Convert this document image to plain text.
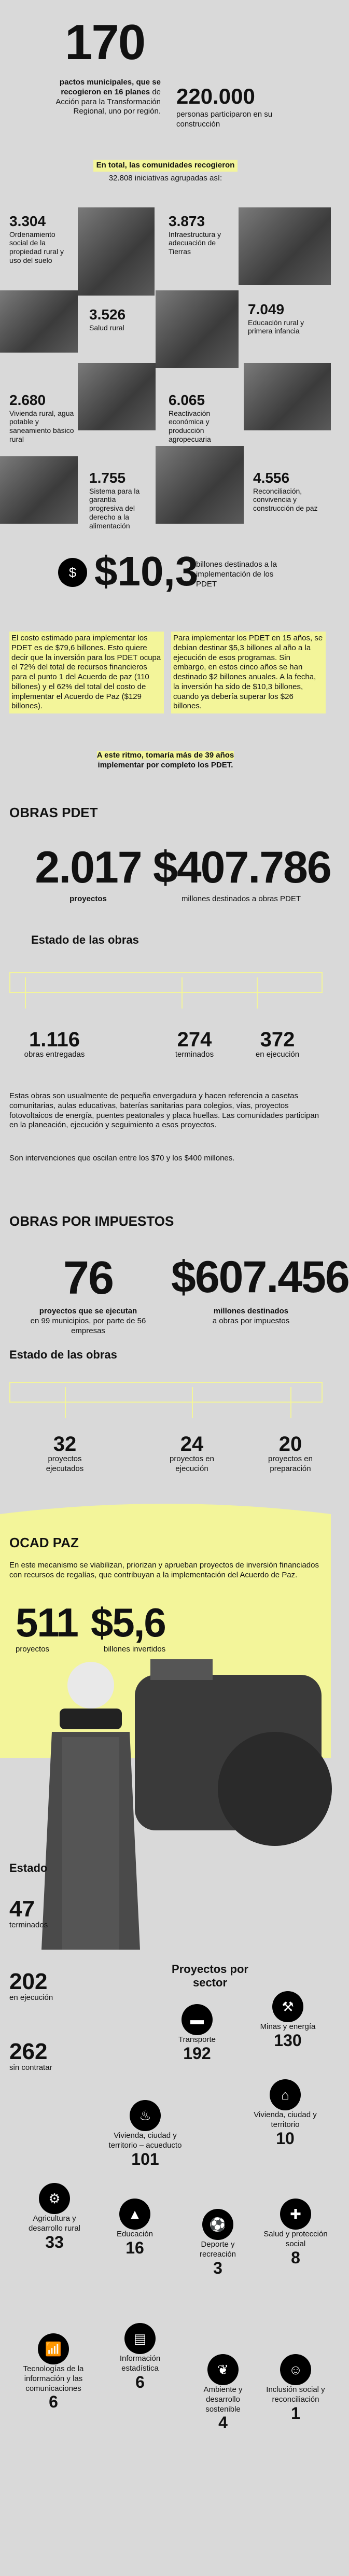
170
pactos municipales, que se recogieron en 16 planes de Acción para la Transformación Regional, uno por región.
220.000
personas participaron en su construcción
En total, las comunidades recogieron
32.808 iniciativas agrupadas así:
3.304
Ordenamiento social de la propiedad rural y uso del suelo
3.873
Infraestructura y adecuación de Tierras
3.526
Salud rural
7.049
Educación rural y primera infancia
2.680
Vivienda rural, agua potable y saneamiento básico rural
6.065
Reactivación económica y producción agropecuaria
1.755
Sistema para la garantía progresiva del derecho a la alimentación
4.556
Reconciliación, convivencia y construcción de paz
$ $10,3
billones destinados a la implementación de los PDET
El costo estimado para implementar los PDET es de $79,6 billones. Esto quiere decir que la inversión para los PDET ocupa el 72% del total de recursos financieros para el punto 1 del Acuerdo de paz (110 billones) y el 62% del total del costo de implementar el Acuerdo de Paz ($129 billones).
Para implementar los PDET en 15 años, se debían destinar $5,3 billones al año a la ejecución de esos programas. Sin embargo, en estos cinco años se han destinado $2 billones anuales. A la fecha, la inversión ha sido de $10,3 billones, cuando ya debería superar los $26 billones.
A este ritmo, tomaría más de 39 años
implementar por completo los PDET.
OBRAS PDET
2.017
proyectos
$407.786
millones destinados a obras PDET
Estado de las obras
1.116
obras entregadas
274
terminados
372
en ejecución
Estas obras son usualmente de pequeña envergadura y hacen referencia a casetas comunitarias, aulas educativas, baterías sanitarias para colegios, vías, proyectos fotovoltaicos de energía, puentes peatonales y placa huellas. Las comunidades participan en la planeación, ejecución y seguimiento a esos proyectos.
Son intervenciones que oscilan entre los $70 y los $400 millones.
OBRAS POR IMPUESTOS
76
proyectos que se ejecutan
en 99 municipios, por parte de 56 empresas
$607.456
millones destinados
a obras por impuestos
Estado de las obras
32
proyectos ejecutados
24
proyectos en ejecución
20
proyectos en preparación
OCAD PAZ
En este mecanismo se viabilizan, priorizan y aprueban proyectos de inversión financiados con recursos de regalías, que contribuyan a la implementación del Acuerdo de Paz.
511
proyectos
$5,6
billones invertidos
Estado
47
terminados
202
en ejecución
262
sin contratar
Proyectos por sector
▬
Transporte
192
⚒
Minas y energía
130
♨
Vivienda, ciudad y territorio – acueducto
101
⌂
Vivienda, ciudad y territorio
10
⚙
Agricultura y desarrollo rural
33
▲
Educación
16
⚽
Deporte y recreación
3
✚
Salud y protección social
8
📶
Tecnologías de la información y las comunicaciones
6
▤
Información estadística
6
❦
Ambiente y desarrollo sostenible
4
☺
Inclusión social y reconciliación
1
